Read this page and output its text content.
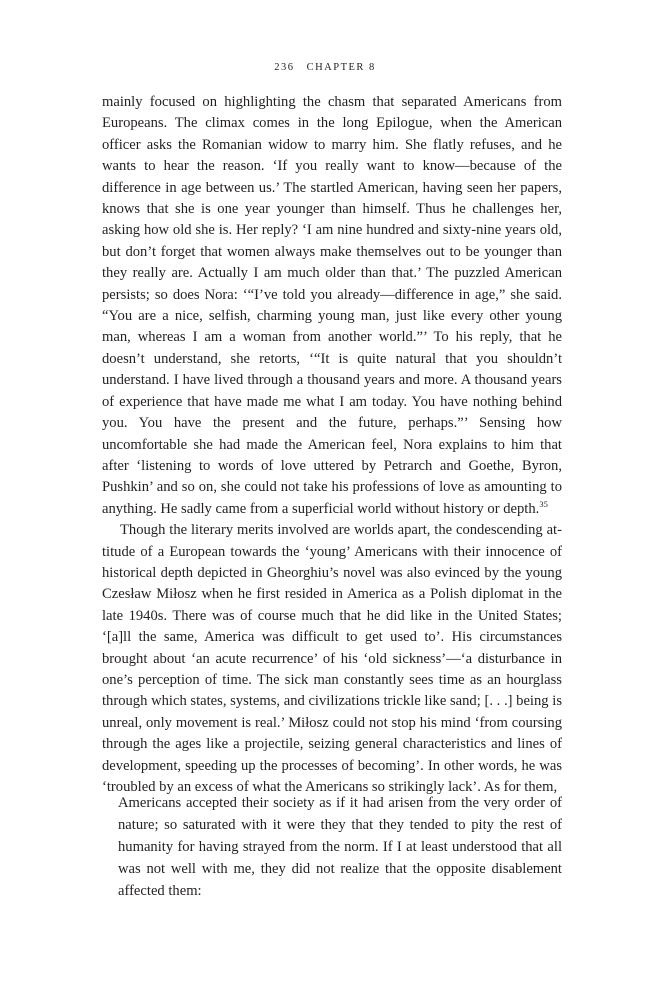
236 CHAPTER 8

mainly focused on highlighting the chasm that separated Americans from Europeans. The climax comes in the long Epilogue, when the American officer asks the Romanian widow to marry him. She flatly refuses, and he wants to hear the reason. ‘If you really want to know—because of the difference in age between us.’ The startled American, having seen her papers, knows that she is one year younger than himself. Thus he challenges her, asking how old she is. Her reply? ‘I am nine hundred and sixty-nine years old, but don’t forget that women always make themselves out to be younger than they really are. Actually I am much older than that.’ The puzzled American persists; so does Nora: ‘“I’ve told you already—difference in age,” she said. “You are a nice, selfish, charming young man, just like every other young man, whereas I am a woman from another world.”’ To his reply, that he doesn’t understand, she retorts, ‘“It is quite natural that you shouldn’t understand. I have lived through a thousand years and more. A thousand years of experience that have made me what I am today. You have nothing behind you. You have the present and the future, perhaps.”’ Sensing how uncomfortable she had made the American feel, Nora explains to him that after ‘listening to words of love uttered by Petrarch and Goethe, Byron, Pushkin’ and so on, she could not take his professions of love as amounting to anything. He sadly came from a superficial world without history or depth.$^{35}$

Though the literary merits involved are worlds apart, the condescending attitude of a European towards the ‘young’ Americans with their innocence of historical depth depicted in Gheorghiu’s novel was also evinced by the young Czesław Miłosz when he first resided in America as a Polish diplomat in the late 1940s. There was of course much that he did like in the United States; ‘[a]ll the same, America was difficult to get used to’. His circumstances brought about ‘an acute recurrence’ of his ‘old sickness’—‘a disturbance in one’s perception of time. The sick man constantly sees time as an hourglass through which states, systems, and civilizations trickle like sand; [. . .] being is unreal, only movement is real.’ Miłosz could not stop his mind ‘from coursing through the ages like a projectile, seizing general characteristics and lines of development, speeding up the processes of becoming’. In other words, he was ‘troubled by an excess of what the Americans so strikingly lack’. As for them,

Americans accepted their society as if it had arisen from the very order of nature; so saturated with it were they that they tended to pity the rest of humanity for having strayed from the norm. If I at least understood that all was not well with me, they did not realize that the opposite disablement affected them:
